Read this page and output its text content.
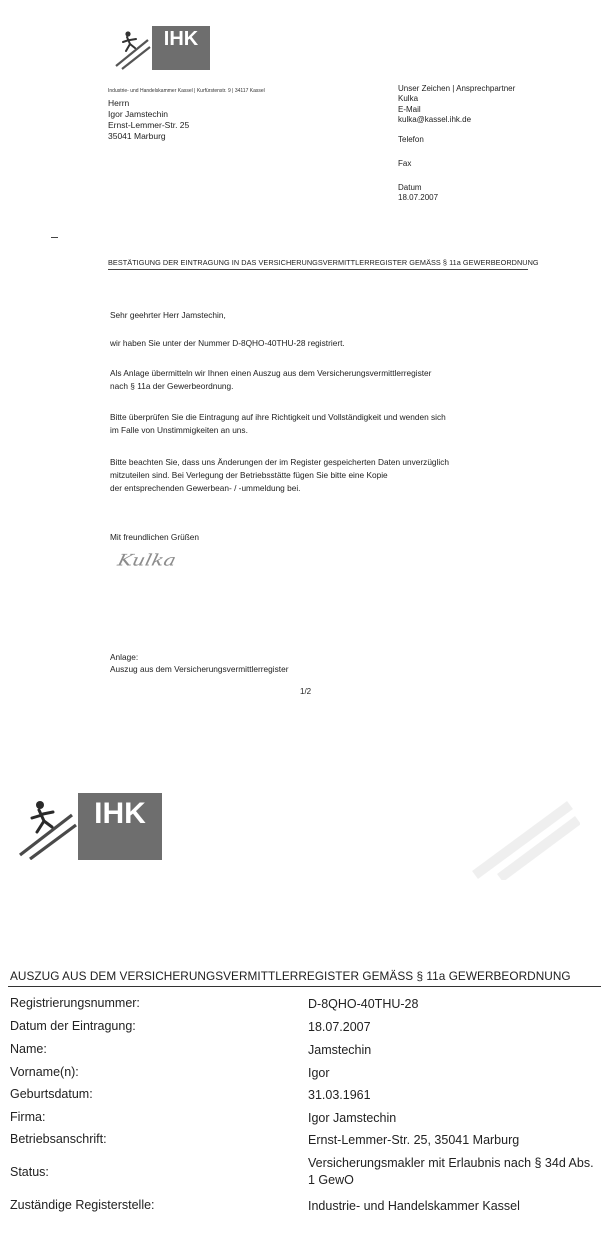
IHK
Industrie- und Handelskammer Kassel | Kurfürstenstr. 9 | 34117 Kassel
Herrn
Igor Jamstechin
Ernst-Lemmer-Str. 25
35041 Marburg
Unser Zeichen | Ansprechpartner
Kulka
E-Mail
kulka@kassel.ihk.de
Telefon
Fax
Datum
18.07.2007
BESTÄTIGUNG DER EINTRAGUNG IN DAS VERSICHERUNGSVERMITTLERREGISTER GEMÄSS § 11a GEWERBEORDNUNG

Sehr geehrter Herr Jamstechin,

wir haben Sie unter der Nummer D-8QHO-40THU-28 registriert.

Als Anlage übermitteln wir Ihnen einen Auszug aus dem Versicherungsvermittlerregister

nach § 11a der Gewerbeordnung.

Bitte überprüfen Sie die Eintragung auf ihre Richtigkeit und Vollständigkeit und wenden sich

im Falle von Unstimmigkeiten an uns.

Bitte beachten Sie, dass uns Änderungen der im Register gespeicherten Daten unverzüglich

mitzuteilen sind. Bei Verlegung der Betriebsstätte fügen Sie bitte eine Kopie

der entsprechenden Gewerbean- / -ummeldung bei.

Mit freundlichen Grüßen

Kulka

Anlage:

Auszug aus dem Versicherungsvermittlerregister

1/2
IHK
AUSZUG AUS DEM VERSICHERUNGSVERMITTLERREGISTER GEMÄSS § 11a GEWERBEORDNUNG
Registrierungsnummer:	D-8QHO-40THU-28
Datum der Eintragung:	18.07.2007
Name:	Jamstechin
Vorname(n):	Igor
Geburtsdatum:	31.03.1961
Firma:	Igor Jamstechin
Betriebsanschrift:	Ernst-Lemmer-Str. 25, 35041 Marburg
Status:
Versicherungsmakler mit Erlaubnis nach § 34d Abs. 1 GewO
Zuständige Registerstelle:	Industrie- und Handelskammer Kassel
